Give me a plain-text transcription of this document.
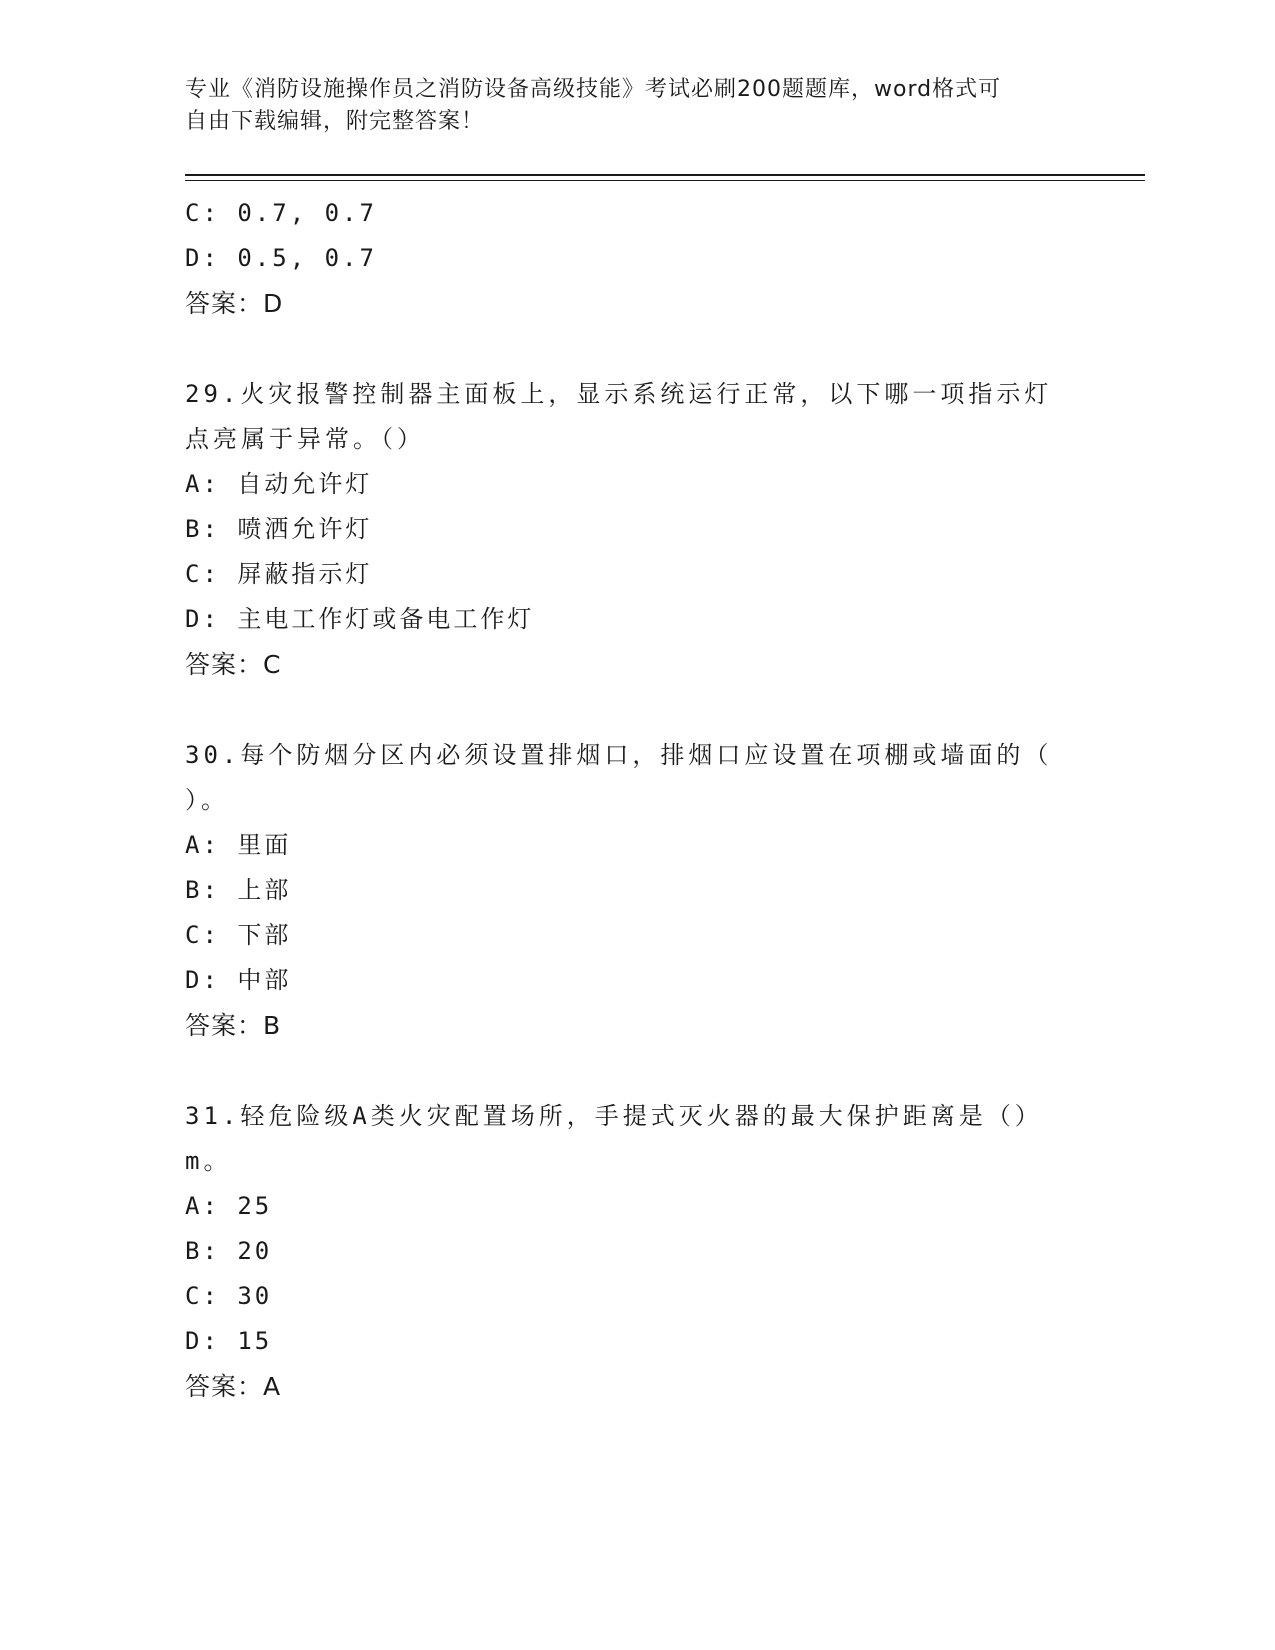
专业《消防设施操作员之消防设备高级技能》考试必刷200题题库，word格式可
自由下载编辑，附完整答案！
C: 0.7, 0.7
D: 0.5, 0.7
答案：D
29.火灾报警控制器主面板上，显示系统运行正常，以下哪一项指示灯
点亮属于异常。（）
A: 自动允许灯
B: 喷洒允许灯
C: 屏蔽指示灯
D: 主电工作灯或备电工作灯
答案：C
30.每个防烟分区内必须设置排烟口，排烟口应设置在项棚或墙面的（
）。
A: 里面
B: 上部
C: 下部
D: 中部
答案：B
31.轻危险级A类火灾配置场所，手提式灭火器的最大保护距离是（）
m。
A: 25
B: 20
C: 30
D: 15
答案：A
